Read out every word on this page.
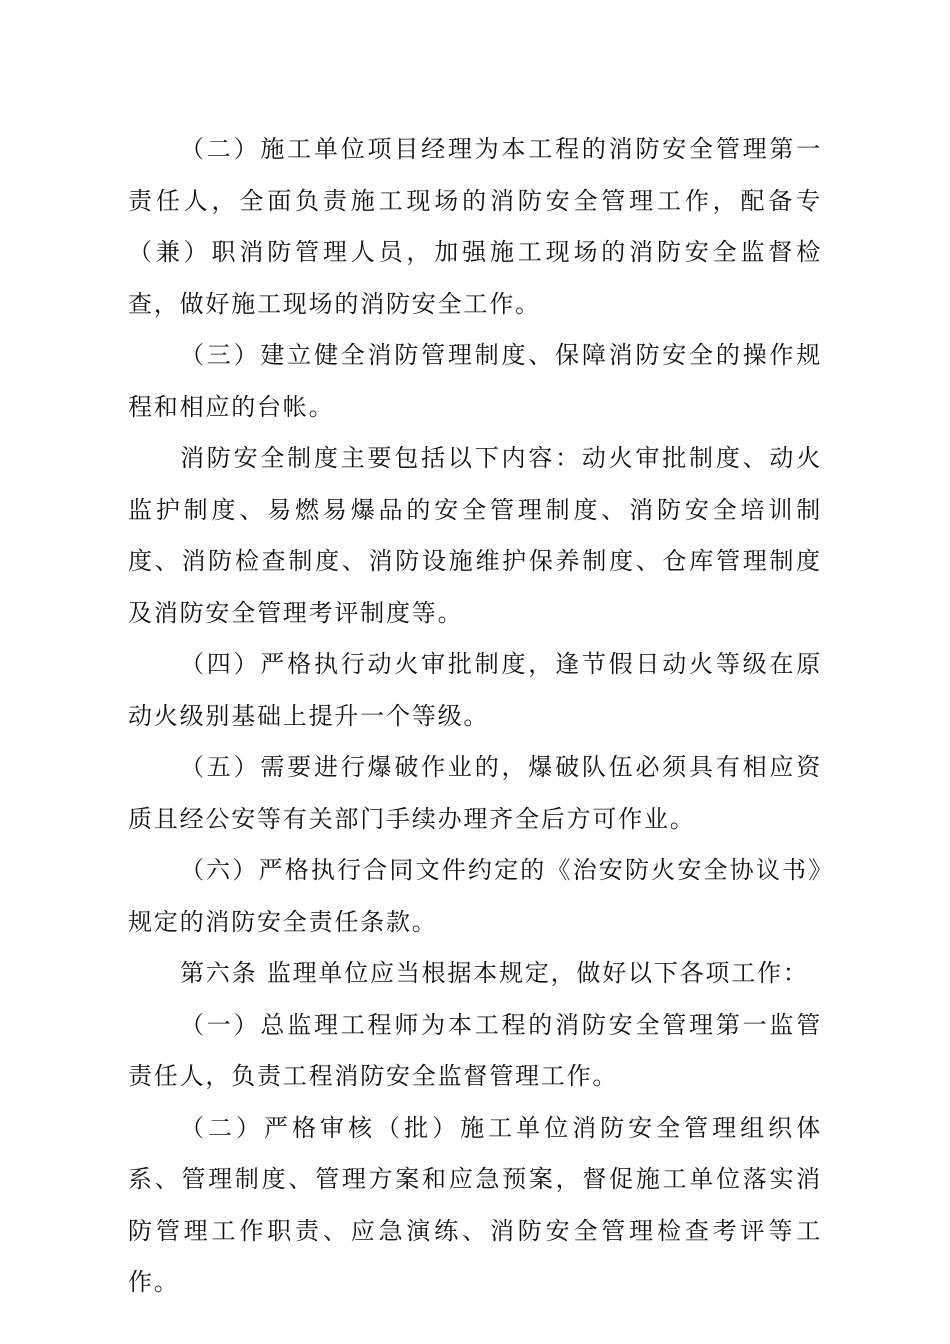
（二）施工单位项目经理为本工程的消防安全管理第一责任人，全面负责施工现场的消防安全管理工作，配备专（兼）职消防管理人员，加强施工现场的消防安全监督检查，做好施工现场的消防安全工作。

（三）建立健全消防管理制度、保障消防安全的操作规程和相应的台帐。

消防安全制度主要包括以下内容：动火审批制度、动火监护制度、易燃易爆品的安全管理制度、消防安全培训制度、消防检查制度、消防设施维护保养制度、仓库管理制度及消防安全管理考评制度等。

（四）严格执行动火审批制度，逢节假日动火等级在原动火级别基础上提升一个等级。

（五）需要进行爆破作业的，爆破队伍必须具有相应资质且经公安等有关部门手续办理齐全后方可作业。

（六）严格执行合同文件约定的《治安防火安全协议书》规定的消防安全责任条款。

第六条 监理单位应当根据本规定，做好以下各项工作：

（一）总监理工程师为本工程的消防安全管理第一监管责任人，负责工程消防安全监督管理工作。

（二）严格审核（批）施工单位消防安全管理组织体系、管理制度、管理方案和应急预案，督促施工单位落实消防管理工作职责、应急演练、消防安全管理检查考评等工作。
